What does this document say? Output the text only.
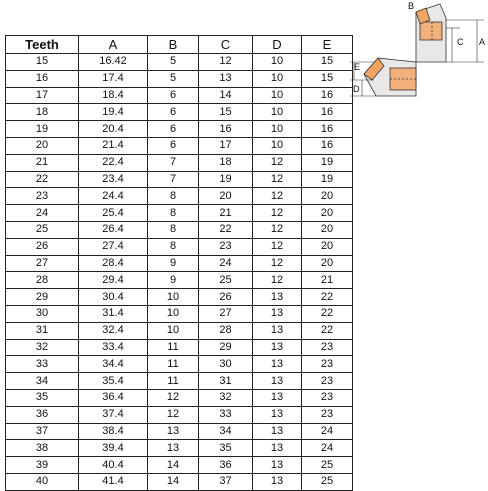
Teeth	A	B	C	D	E
15	16.42	5	12	10	15
16	17.4	5	13	10	15
17	18.4	6	14	10	16
18	19.4	6	15	10	16
19	20.4	6	16	10	16
20	21.4	6	17	10	16
21	22.4	7	18	12	19
22	23.4	7	19	12	19
23	24.4	8	20	12	20
24	25.4	8	21	12	20
25	26.4	8	22	12	20
26	27.4	8	23	12	20
27	28.4	9	24	12	20
28	29.4	9	25	12	21
29	30.4	10	26	13	22
30	31.4	10	27	13	22
31	32.4	10	28	13	22
32	33.4	11	29	13	23
33	34.4	11	30	13	23
34	35.4	11	31	13	23
35	36.4	12	32	13	23
36	37.4	12	33	13	23
37	38.4	13	34	13	24
38	39.4	13	35	13	24
39	40.4	14	36	13	25
40	41.4	14	37	13	25
B
C A
E
D
